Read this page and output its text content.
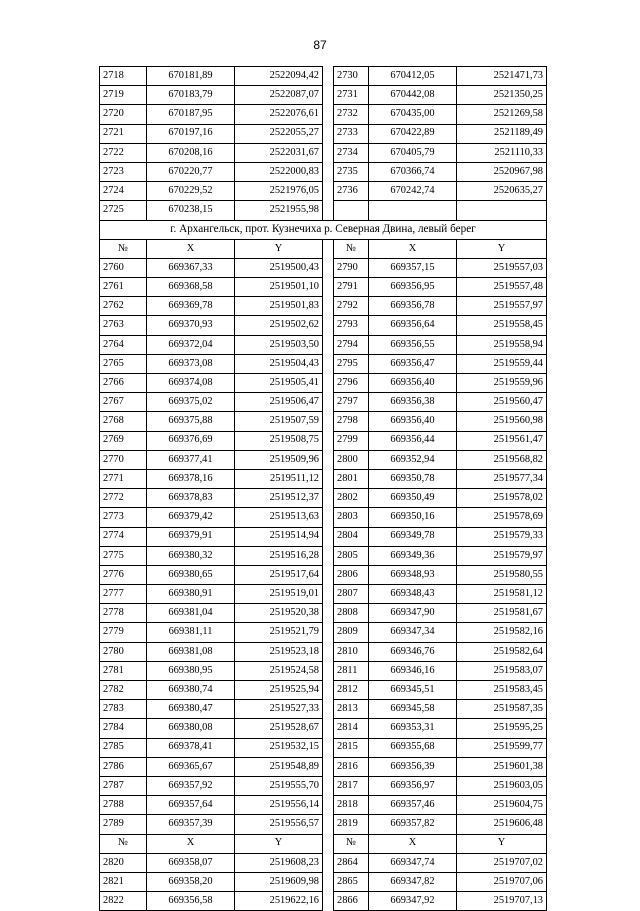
87
2718	670181,89	2522094,42		2730	670412,05	2521471,73
2719	670183,79	2522087,07		2731	670442,08	2521350,25
2720	670187,95	2522076,61		2732	670435,00	2521269,58
2721	670197,16	2522055,27		2733	670422,89	2521189,49
2722	670208,16	2522031,67		2734	670405,79	2521110,33
2723	670220,77	2522000,83		2735	670366,74	2520967,98
2724	670229,52	2521976,05		2736	670242,74	2520635,27
2725	670238,15	2521955,98				
г. Архангельск, прот. Кузнечиха р. Северная Двина, левый берег						
№	X	Y		№	X	Y
2760	669367,33	2519500,43		2790	669357,15	2519557,03
2761	669368,58	2519501,10		2791	669356,95	2519557,48
2762	669369,78	2519501,83		2792	669356,78	2519557,97
2763	669370,93	2519502,62		2793	669356,64	2519558,45
2764	669372,04	2519503,50		2794	669356,55	2519558,94
2765	669373,08	2519504,43		2795	669356,47	2519559,44
2766	669374,08	2519505,41		2796	669356,40	2519559,96
2767	669375,02	2519506,47		2797	669356,38	2519560,47
2768	669375,88	2519507,59		2798	669356,40	2519560,98
2769	669376,69	2519508,75		2799	669356,44	2519561,47
2770	669377,41	2519509,96		2800	669352,94	2519568,82
2771	669378,16	2519511,12		2801	669350,78	2519577,34
2772	669378,83	2519512,37		2802	669350,49	2519578,02
2773	669379,42	2519513,63		2803	669350,16	2519578,69
2774	669379,91	2519514,94		2804	669349,78	2519579,33
2775	669380,32	2519516,28		2805	669349,36	2519579,97
2776	669380,65	2519517,64		2806	669348,93	2519580,55
2777	669380,91	2519519,01		2807	669348,43	2519581,12
2778	669381,04	2519520,38		2808	669347,90	2519581,67
2779	669381,11	2519521,79		2809	669347,34	2519582,16
2780	669381,08	2519523,18		2810	669346,76	2519582,64
2781	669380,95	2519524,58		2811	669346,16	2519583,07
2782	669380,74	2519525,94		2812	669345,51	2519583,45
2783	669380,47	2519527,33		2813	669345,58	2519587,35
2784	669380,08	2519528,67		2814	669353,31	2519595,25
2785	669378,41	2519532,15		2815	669355,68	2519599,77
2786	669365,67	2519548,89		2816	669356,39	2519601,38
2787	669357,92	2519555,70		2817	669356,97	2519603,05
2788	669357,64	2519556,14		2818	669357,46	2519604,75
2789	669357,39	2519556,57		2819	669357,82	2519606,48
№	X	Y		№	X	Y
2820	669358,07	2519608,23		2864	669347,74	2519707,02
2821	669358,20	2519609,98		2865	669347,82	2519707,06
2822	669356,58	2519622,16		2866	669347,92	2519707,13
